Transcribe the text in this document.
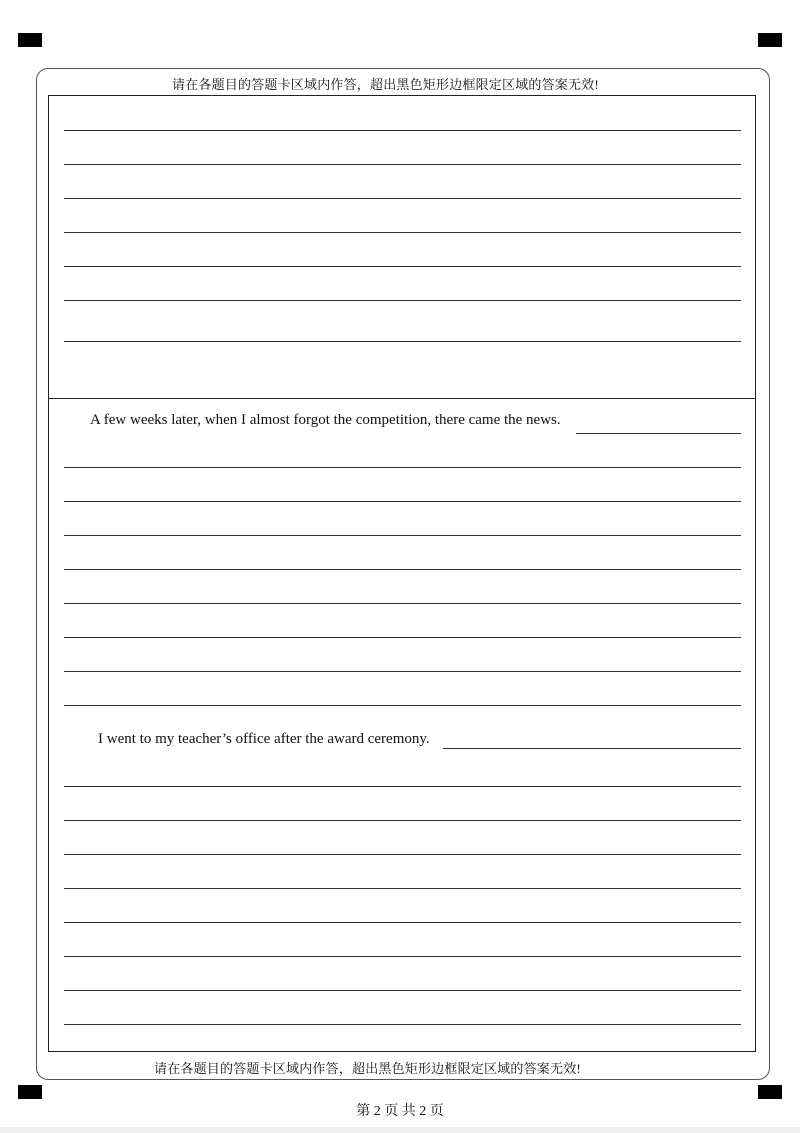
请在各题目的答题卡区域内作答，超出黑色矩形边框限定区域的答案无效!
A few weeks later, when I almost forgot the competition, there came the news.
I went to my teacher’s office after the award ceremony.
请在各题目的答题卡区域内作答，超出黑色矩形边框限定区域的答案无效!
第 2 页 共 2 页
